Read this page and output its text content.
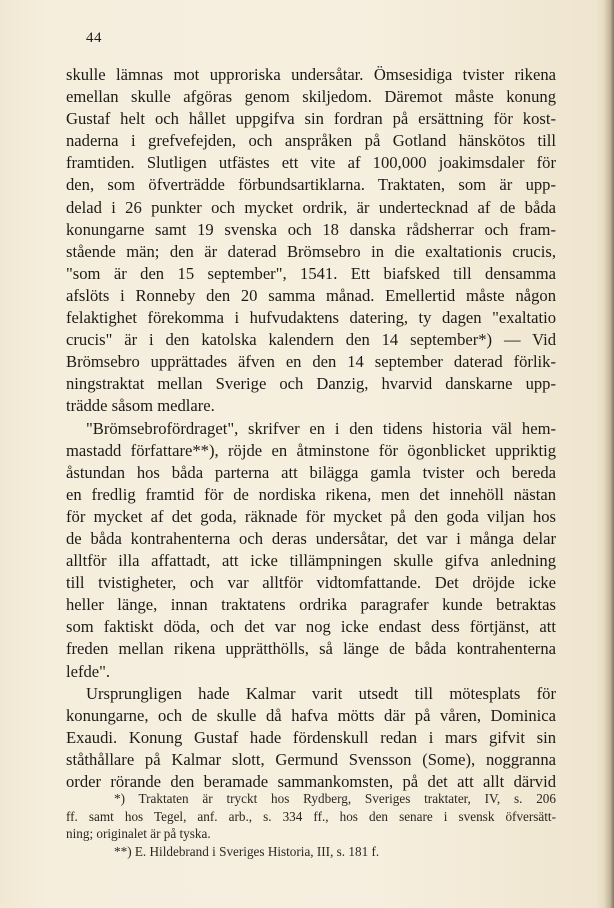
44
skulle lämnas mot upproriska undersåtar. Ömsesidiga tvister rikena
emellan skulle afgöras genom skiljedom. Däremot måste konung
Gustaf helt och hållet uppgifva sin fordran på ersättning för kost-
naderna i grefvefejden, och anspråken på Gotland hänskötos till
framtiden. Slutligen utfästes ett vite af 100,000 joakimsdaler för
den, som öfverträdde förbundsartiklarna. Traktaten, som är upp-
delad i 26 punkter och mycket ordrik, är undertecknad af de båda
konungarne samt 19 svenska och 18 danska rådsherrar och fram-
stående män; den är daterad Brömsebro in die exaltationis crucis,
"som är den 15 september", 1541. Ett biafsked till densamma
afslöts i Ronneby den 20 samma månad. Emellertid måste någon
felaktighet förekomma i hufvudaktens datering, ty dagen "exaltatio
crucis" är i den katolska kalendern den 14 september*) — Vid
Brömsebro upprättades äfven en den 14 september daterad förlik-
ningstraktat mellan Sverige och Danzig, hvarvid danskarne upp-
trädde såsom medlare.
"Brömsebrofördraget", skrifver en i den tidens historia väl hem-
mastadd författare**), röjde en åtminstone för ögonblicket uppriktig
åstundan hos båda parterna att bilägga gamla tvister och bereda
en fredlig framtid för de nordiska rikena, men det innehöll nästan
för mycket af det goda, räknade för mycket på den goda viljan hos
de båda kontrahenterna och deras undersåtar, det var i många delar
alltför illa affattadt, att icke tillämpningen skulle gifva anledning
till tvistigheter, och var alltför vidtomfattande. Det dröjde icke
heller länge, innan traktatens ordrika paragrafer kunde betraktas
som faktiskt döda, och det var nog icke endast dess förtjänst, att
freden mellan rikena upprätthölls, så länge de båda kontrahenterna
lefde".
Ursprungligen hade Kalmar varit utsedt till mötesplats för
konungarne, och de skulle då hafva mötts där på våren, Dominica
Exaudi. Konung Gustaf hade fördenskull redan i mars gifvit sin
ståthållare på Kalmar slott, Germund Svensson (Some), noggranna
order rörande den beramade sammankomsten, på det att allt därvid
*) Traktaten är tryckt hos Rydberg, Sveriges traktater, IV, s. 206
ff. samt hos Tegel, anf. arb., s. 334 ff., hos den senare i svensk öfversätt-
ning; originalet är på tyska.
**) E. Hildebrand i Sveriges Historia, III, s. 181 f.
